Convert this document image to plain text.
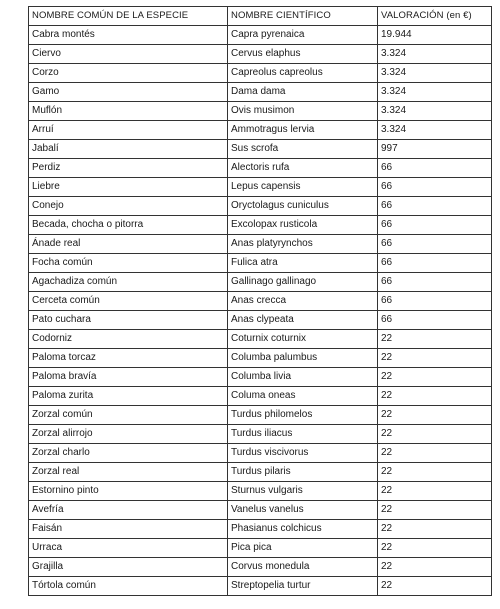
NOMBRE COMÚN DE LA ESPECIE	NOMBRE CIENTÍFICO	VALORACIÓN (en €)
Cabra montés	Capra pyrenaica	19.944
Ciervo	Cervus elaphus	3.324
Corzo	Capreolus capreolus	3.324
Gamo	Dama dama	3.324
Muflón	Ovis musimon	3.324
Arruí	Ammotragus lervia	3.324
Jabalí	Sus scrofa	997
Perdiz	Alectoris rufa	66
Liebre	Lepus capensis	66
Conejo	Oryctolagus cuniculus	66
Becada, chocha o pitorra	Excolopax rusticola	66
Ánade real	Anas platyrynchos	66
Focha común	Fulica atra	66
Agachadiza común	Gallinago gallinago	66
Cerceta común	Anas crecca	66
Pato cuchara	Anas clypeata	66
Codorniz	Coturnix coturnix	22
Paloma torcaz	Columba palumbus	22
Paloma bravía	Columba livia	22
Paloma zurita	Columa oneas	22
Zorzal común	Turdus philomelos	22
Zorzal alirrojo	Turdus iliacus	22
Zorzal charlo	Turdus viscivorus	22
Zorzal real	Turdus pilaris	22
Estornino pinto	Sturnus vulgaris	22
Avefría	Vanelus vanelus	22
Faisán	Phasianus colchicus	22
Urraca	Pica pica	22
Grajilla	Corvus monedula	22
Tórtola común	Streptopelia turtur	22
